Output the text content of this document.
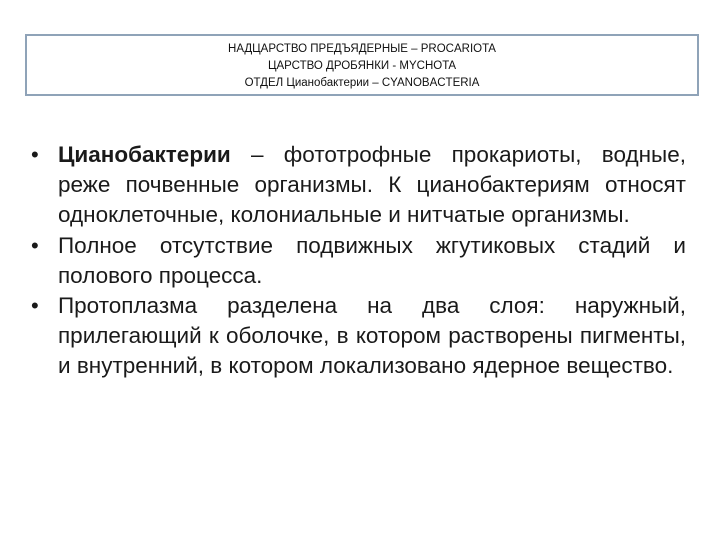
НАДЦАРСТВО ПРЕДЪЯДЕРНЫЕ – PROCARIOTA
ЦАРСТВО ДРОБЯНКИ - MYCHOTA
ОТДЕЛ Цианобактерии – CYANOBACTERIA
• Цианобактерии – фототрофные прокариоты, водные, реже почвенные организмы. К цианобактериям относят одноклеточные, колониальные и нитчатые организмы.
• Полное отсутствие подвижных жгутиковых стадий и полового процесса.
• Протоплазма разделена на два слоя: наружный, прилегающий к оболочке, в котором растворены пигменты, и внутренний, в котором локализовано ядерное вещество.
